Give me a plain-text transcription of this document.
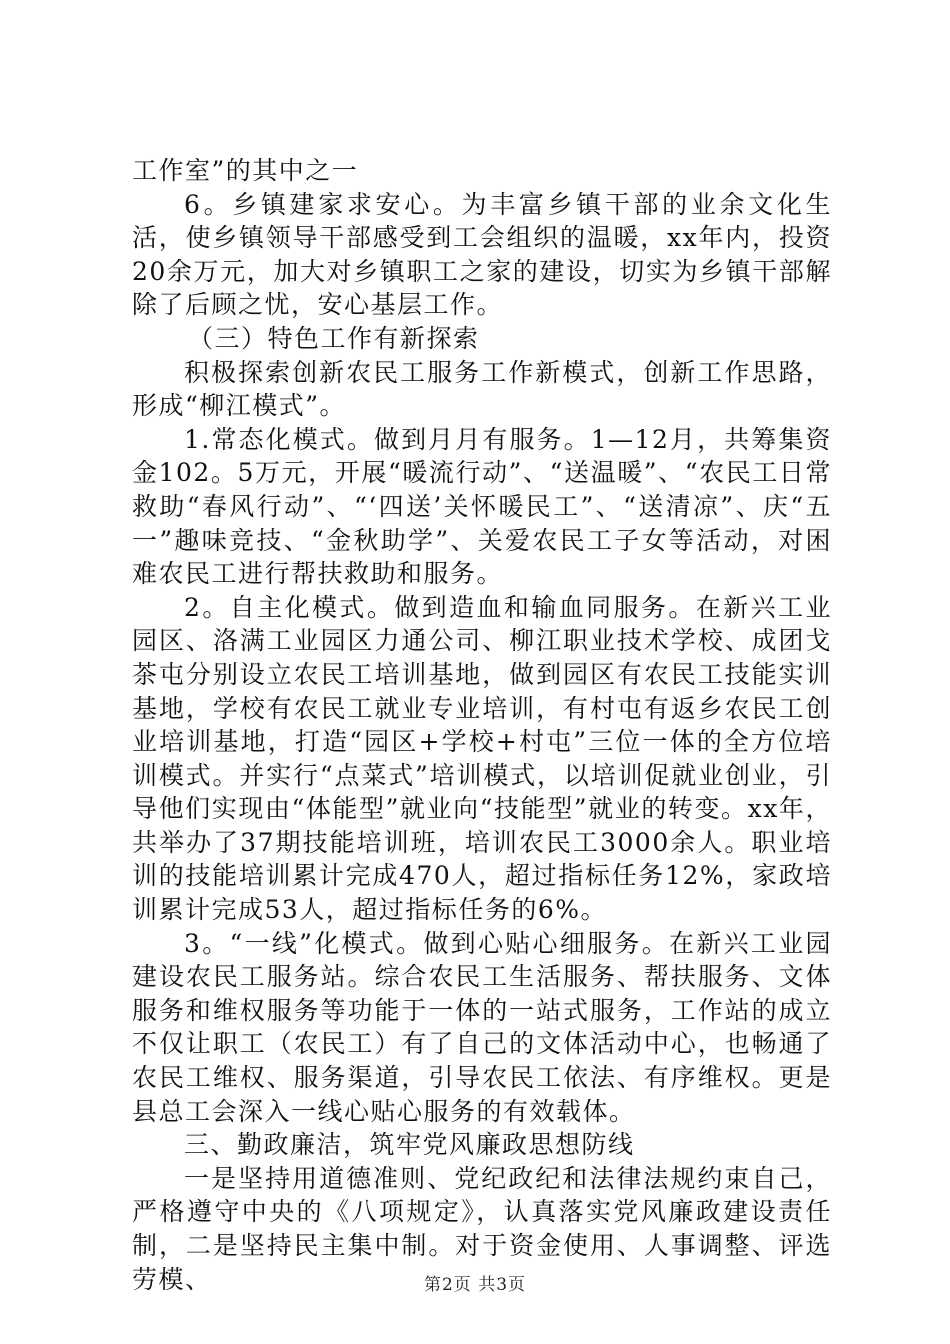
工作室”的其中之一

6。乡镇建家求安心。为丰富乡镇干部的业余文化生活，使乡镇领导干部感受到工会组织的温暖，xx年内，投资20余万元，加大对乡镇职工之家的建设，切实为乡镇干部解除了后顾之忧，安心基层工作。

（三）特色工作有新探索

积极探索创新农民工服务工作新模式，创新工作思路，形成“柳江模式”。

1.常态化模式。做到月月有服务。1—12月，共筹集资金102。5万元，开展“暖流行动”、“送温暖”、“农民工日常救助“春风行动”、“‘四送’关怀暖民工”、“送清凉”、庆“五一”趣味竞技、“金秋助学”、关爱农民工子女等活动，对困难农民工进行帮扶救助和服务。

2。自主化模式。做到造血和输血同服务。在新兴工业园区、洛满工业园区力通公司、柳江职业技术学校、成团戈茶屯分别设立农民工培训基地，做到园区有农民工技能实训基地，学校有农民工就业专业培训，有村屯有返乡农民工创业培训基地，打造“园区+学校+村屯”三位一体的全方位培训模式。并实行“点菜式”培训模式，以培训促就业创业，引导他们实现由“体能型”就业向“技能型”就业的转变。xx年，共举办了37期技能培训班，培训农民工3000余人。职业培训的技能培训累计完成470人，超过指标任务12%，家政培训累计完成53人，超过指标任务的6%。

3。“一线”化模式。做到心贴心细服务。在新兴工业园建设农民工服务站。综合农民工生活服务、帮扶服务、文体服务和维权服务等功能于一体的一站式服务，工作站的成立不仅让职工（农民工）有了自己的文体活动中心，也畅通了农民工维权、服务渠道，引导农民工依法、有序维权。更是县总工会深入一线心贴心服务的有效载体。

三、勤政廉洁，筑牢党风廉政思想防线

一是坚持用道德准则、党纪政纪和法律法规约束自己，严格遵守中央的《八项规定》，认真落实党风廉政建设责任制，二是坚持民主集中制。对于资金使用、人事调整、评选劳模、	第2页 共3页
